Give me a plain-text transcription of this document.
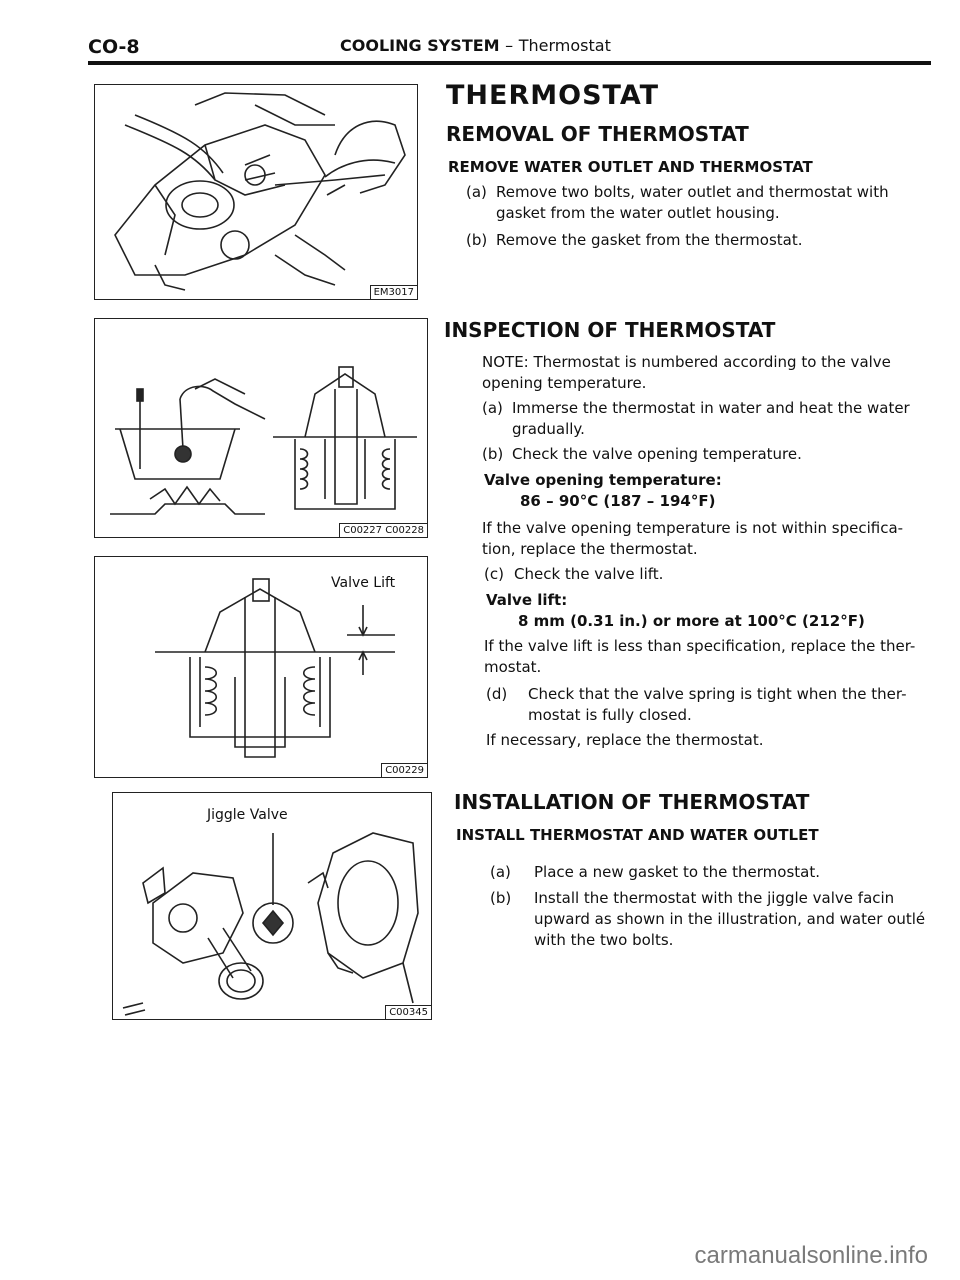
CO-8	COOLING SYSTEM – Thermostat
EM3017
C00227 C00228
Valve Lift
C00229
Jiggle Valve
C00345
THERMOSTAT
REMOVAL OF THERMOSTAT
REMOVE WATER OUTLET AND THERMOSTAT
(a) Remove two bolts, water outlet and thermostat with
gasket from the water outlet housing.
(b) Remove the gasket from the thermostat.
INSPECTION OF THERMOSTAT
NOTE: Thermostat is numbered according to the valve
opening temperature.
(a) Immerse the thermostat in water and heat the water
gradually.
(b) Check the valve opening temperature.
Valve opening temperature:
86 – 90°C (187 – 194°F)
If the valve opening temperature is not within specifica-
tion, replace the thermostat.
(c) Check the valve lift.
Valve lift:
8 mm (0.31 in.) or more at 100°C (212°F)
If the valve lift is less than specification, replace the ther-
mostat.
(d) Check that the valve spring is tight when the ther-
mostat is fully closed.
If necessary, replace the thermostat.
INSTALLATION OF THERMOSTAT
INSTALL THERMOSTAT AND WATER OUTLET
(a) Place a new gasket to the thermostat.
(b) Install the thermostat with the jiggle valve facin
upward as shown in the illustration, and water outlé
with the two bolts.
carmanualsonline.info
